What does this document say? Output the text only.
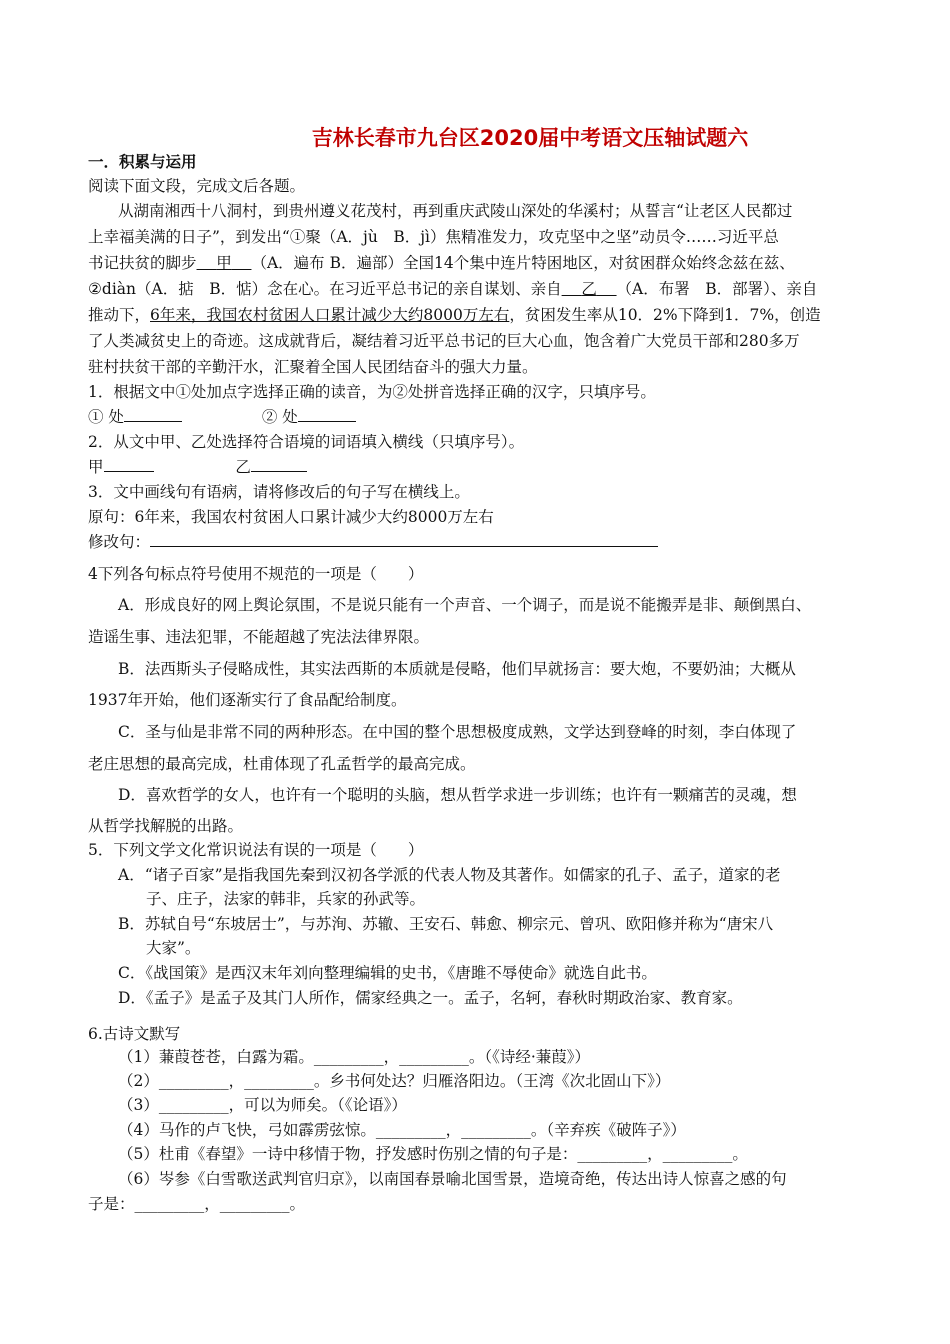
吉林长春市九台区2020届中考语文压轴试题六
一．积累与运用
阅读下面文段，完成文后各题。
从湖南湘西十八洞村，到贵州遵义花茂村，再到重庆武陵山深处的华溪村；从誓言“让老区人民都过
上幸福美满的日子”，到发出“①聚（A．jù　B．jì）焦精准发力，攻克坚中之坚”动员令……习近平总
书记扶贫的脚步 甲 （A．遍布 B．遍部）全国14个集中连片特困地区，对贫困群众始终念兹在兹、
②diàn（A．掂　B．惦）念在心。在习近平总书记的亲自谋划、亲自 乙 （A．布署　B．部署）、亲自
推动下，6年来，我国农村贫困人口累计减少大约8000万左右，贫困发生率从10．2%下降到1．7%，创造
了人类减贫史上的奇迹。这成就背后，凝结着习近平总书记的巨大心血，饱含着广大党员干部和280多万
驻村扶贫干部的辛勤汗水，汇聚着全国人民团结奋斗的强大力量。
1．根据文中①处加点字选择正确的读音，为②处拼音选择正确的汉字，只填序号。
① 处	② 处
2．从文中甲、乙处选择符合语境的词语填入横线（只填序号）。
甲	乙
3．文中画线句有语病，请将修改后的句子写在横线上。
原句：6年来，我国农村贫困人口累计减少大约8000万左右
修改句：
4下列各句标点符号使用不规范的一项是（　　）
A．形成良好的网上舆论氛围，不是说只能有一个声音、一个调子，而是说不能搬弄是非、颠倒黑白、
造谣生事、违法犯罪，不能超越了宪法法律界限。
B．法西斯头子侵略成性，其实法西斯的本质就是侵略，他们早就扬言：要大炮，不要奶油；大概从
1937年开始，他们逐渐实行了食品配给制度。
C．圣与仙是非常不同的两种形态。在中国的整个思想极度成熟，文学达到登峰的时刻，李白体现了
老庄思想的最高完成，杜甫体现了孔孟哲学的最高完成。
D．喜欢哲学的女人，也许有一个聪明的头脑，想从哲学求进一步训练；也许有一颗痛苦的灵魂，想
从哲学找解脱的出路。
5．下列文学文化常识说法有误的一项是（　　）
A．“诸子百家”是指我国先秦到汉初各学派的代表人物及其著作。如儒家的孔子、孟子，道家的老
子、庄子，法家的韩非，兵家的孙武等。
B．苏轼自号“东坡居士”，与苏洵、苏辙、王安石、韩愈、柳宗元、曾巩、欧阳修并称为“唐宋八
大家”。
C．《战国策》是西汉末年刘向整理编辑的史书，《唐雎不辱使命》就选自此书。
D．《孟子》是孟子及其门人所作，儒家经典之一。孟子，名轲，春秋时期政治家、教育家。
6.古诗文默写
（1）蒹葭苍苍，白露为霜。_________，_________。（《诗经·蒹葭》）
（2）_________，_________。乡书何处达？归雁洛阳边。（王湾《次北固山下》）
（3）_________，可以为师矣。（《论语》）
（4）马作的卢飞快，弓如霹雳弦惊。_________，_________。（辛弃疾《破阵子》）
（5）杜甫《春望》一诗中移情于物，抒发感时伤别之情的句子是：_________，_________。
（6）岑参《白雪歌送武判官归京》，以南国春景喻北国雪景，造境奇绝，传达出诗人惊喜之感的句
子是：_________，_________。
